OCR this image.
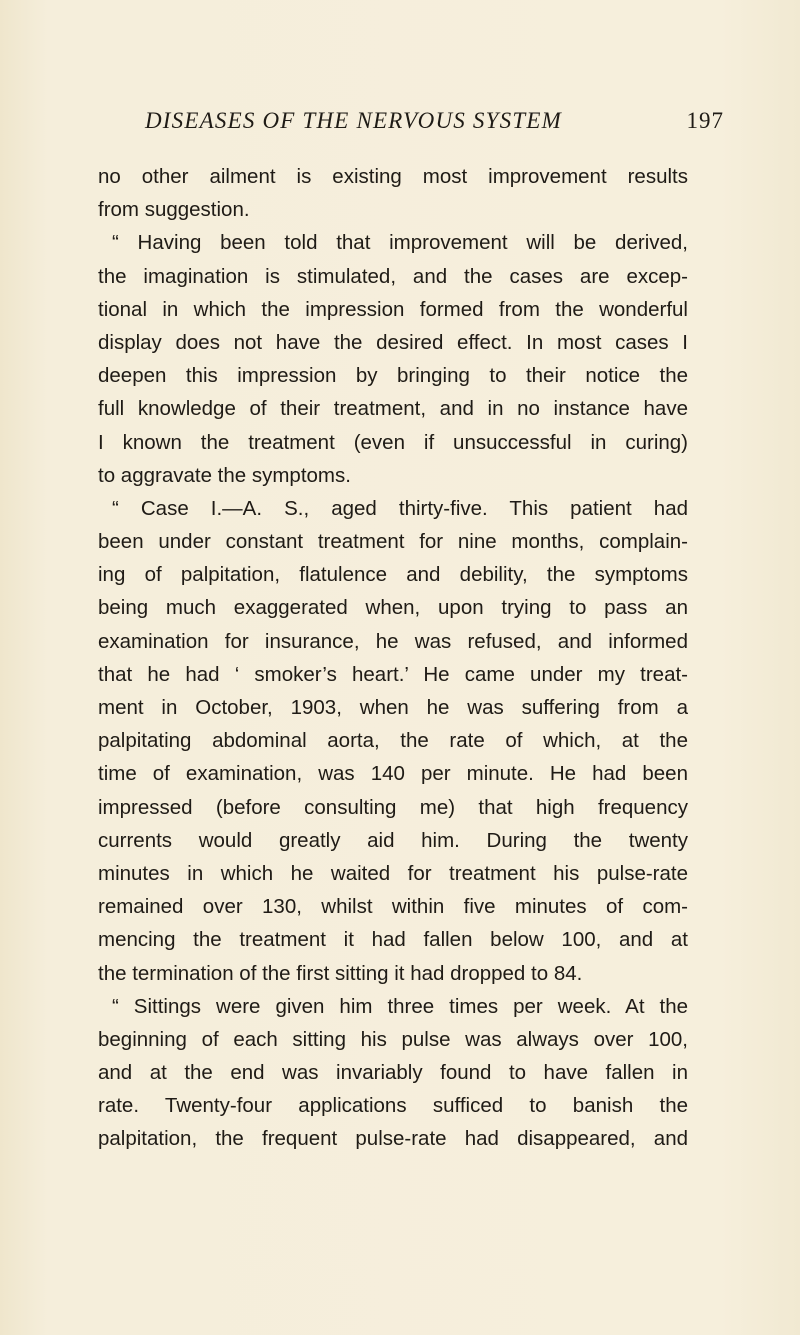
DISEASES OF THE NERVOUS SYSTEM	197
no other ailment is existing most improvement results
from suggestion.
“ Having been told that improvement will be derived,
the imagination is stimulated, and the cases are excep-
tional in which the impression formed from the wonderful
display does not have the desired effect. In most cases I
deepen this impression by bringing to their notice the
full knowledge of their treatment, and in no instance have
I known the treatment (even if unsuccessful in curing)
to aggravate the symptoms.
“ Case I.—A. S., aged thirty-five. This patient had
been under constant treatment for nine months, complain-
ing of palpitation, flatulence and debility, the symptoms
being much exaggerated when, upon trying to pass an
examination for insurance, he was refused, and informed
that he had ‘ smoker’s heart.’ He came under my treat-
ment in October, 1903, when he was suffering from a
palpitating abdominal aorta, the rate of which, at the
time of examination, was 140 per minute. He had been
impressed (before consulting me) that high frequency
currents would greatly aid him. During the twenty
minutes in which he waited for treatment his pulse-rate
remained over 130, whilst within five minutes of com-
mencing the treatment it had fallen below 100, and at
the termination of the first sitting it had dropped to 84.
“ Sittings were given him three times per week. At the
beginning of each sitting his pulse was always over 100,
and at the end was invariably found to have fallen in
rate. Twenty-four applications sufficed to banish the
palpitation, the frequent pulse-rate had disappeared, and
